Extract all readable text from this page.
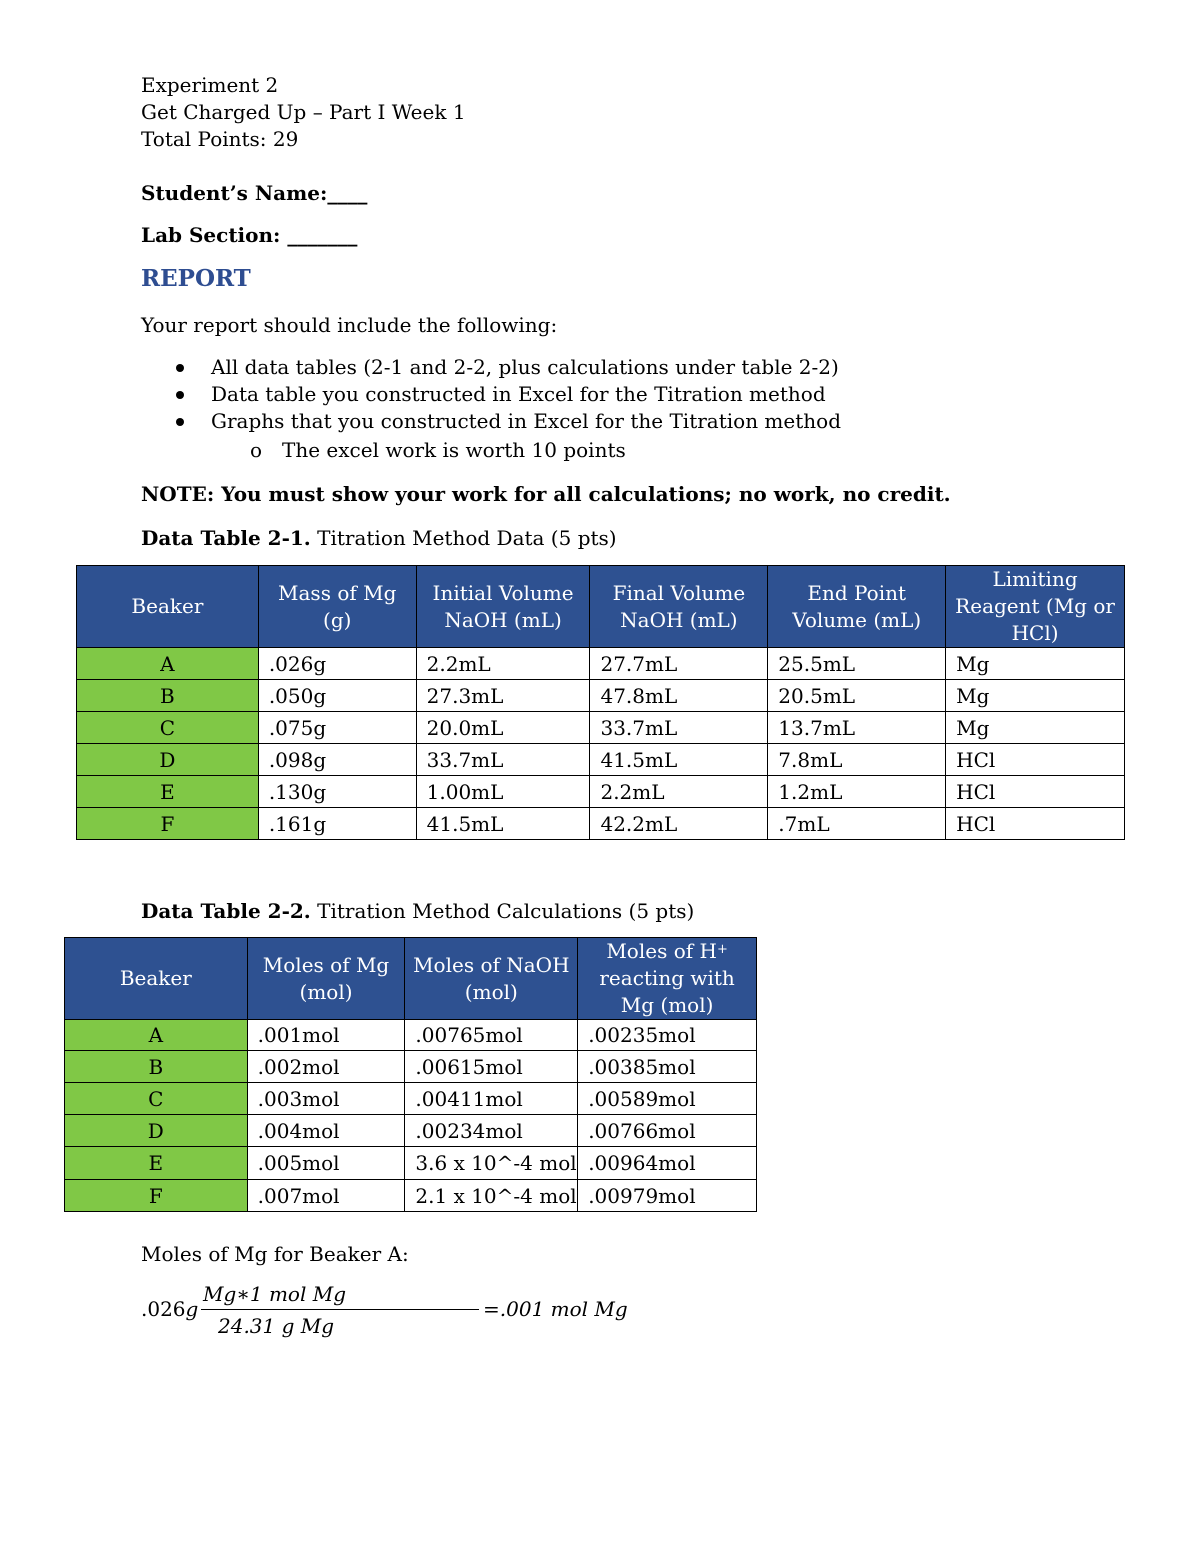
Experiment 2
Get Charged Up – Part I Week 1
Total Points: 29
Student’s Name:____
Lab Section: _______
REPORT
Your report should include the following:
All data tables (2-1 and 2-2, plus calculations under table 2-2)
Data table you constructed in Excel for the Titration method
Graphs that you constructed in Excel for the Titration method
o The excel work is worth 10 points
NOTE: You must show your work for all calculations; no work, no credit.
Data Table 2-1. Titration Method Data (5 pts)
Beaker	Mass of Mg (g)	Initial Volume NaOH (mL)	Final Volume NaOH (mL)	End Point Volume (mL)	Limiting Reagent (Mg or HCl)
A	.026g	2.2mL	27.7mL	25.5mL	Mg
B	.050g	27.3mL	47.8mL	20.5mL	Mg
C	.075g	20.0mL	33.7mL	13.7mL	Mg
D	.098g	33.7mL	41.5mL	7.8mL	HCl
E	.130g	1.00mL	2.2mL	1.2mL	HCl
F	.161g	41.5mL	42.2mL	.7mL	HCl
Data Table 2-2. Titration Method Calculations (5 pts)
Beaker	Moles of Mg (mol)	Moles of NaOH (mol)	Moles of H+ reacting with Mg (mol)
A	.001mol	.00765mol	.00235mol
B	.002mol	.00615mol	.00385mol
C	.003mol	.00411mol	.00589mol
D	.004mol	.00234mol	.00766mol
E	.005mol	3.6 x 10^-4 mol	.00964mol
F	.007mol	2.1 x 10^-4 mol	.00979mol
Moles of Mg for Beaker A:
.026g
Mg∗1 mol Mg
24.31 g Mg
=.001 mol Mg
